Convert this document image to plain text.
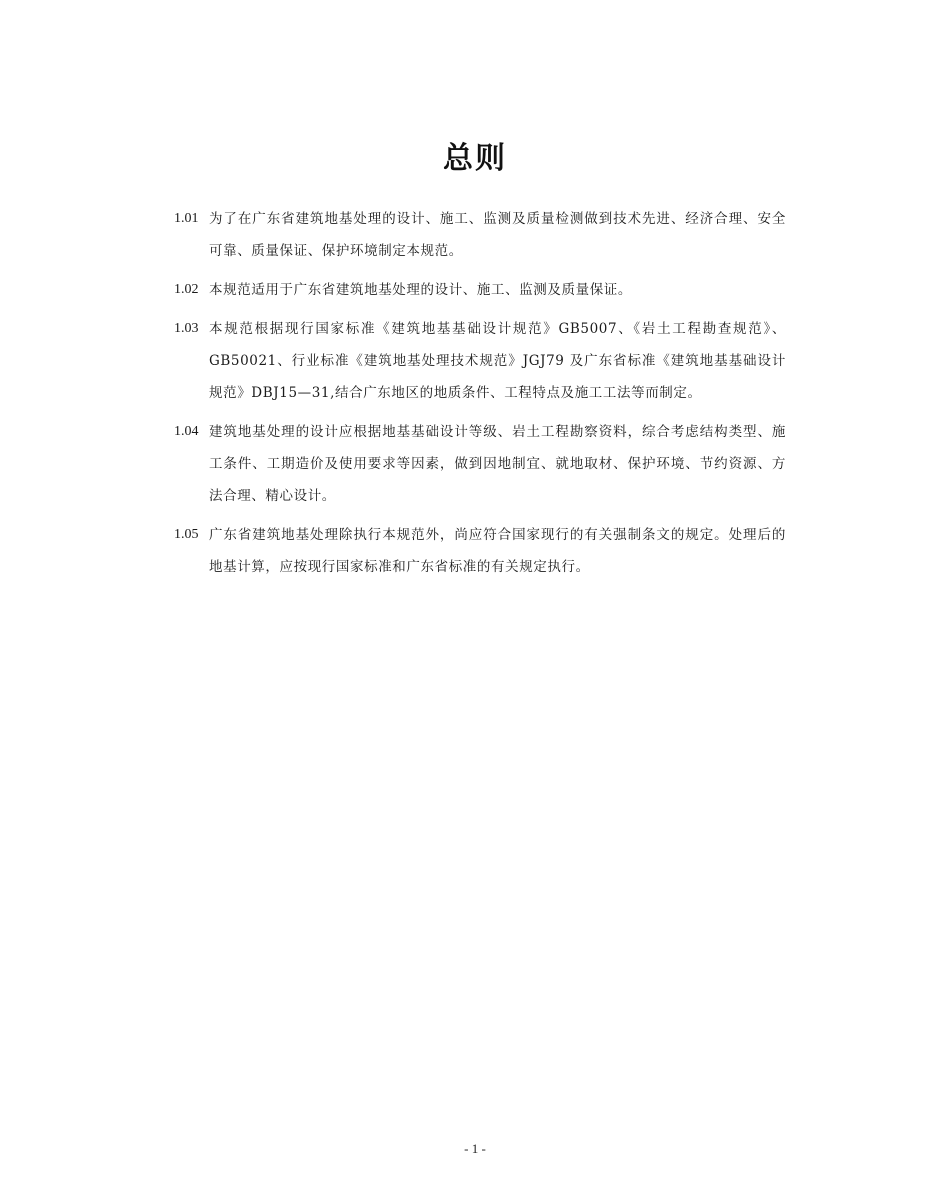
总则
1.01 为了在广东省建筑地基处理的设计、施工、监测及质量检测做到技术先进、经济合理、安全可靠、质量保证、保护环境制定本规范。
1.02 本规范适用于广东省建筑地基处理的设计、施工、监测及质量保证。
1.03 本规范根据现行国家标准《建筑地基基础设计规范》GB5007、《岩土工程勘查规范》、GB50021、行业标准《建筑地基处理技术规范》JGJ79 及广东省标准《建筑地基基础设计规范》DBJ15—31,结合广东地区的地质条件、工程特点及施工工法等而制定。
1.04 建筑地基处理的设计应根据地基基础设计等级、岩土工程勘察资料，综合考虑结构类型、施工条件、工期造价及使用要求等因素，做到因地制宜、就地取材、保护环境、节约资源、方法合理、精心设计。
1.05 广东省建筑地基处理除执行本规范外，尚应符合国家现行的有关强制条文的规定。处理后的地基计算，应按现行国家标准和广东省标准的有关规定执行。
- 1 -
